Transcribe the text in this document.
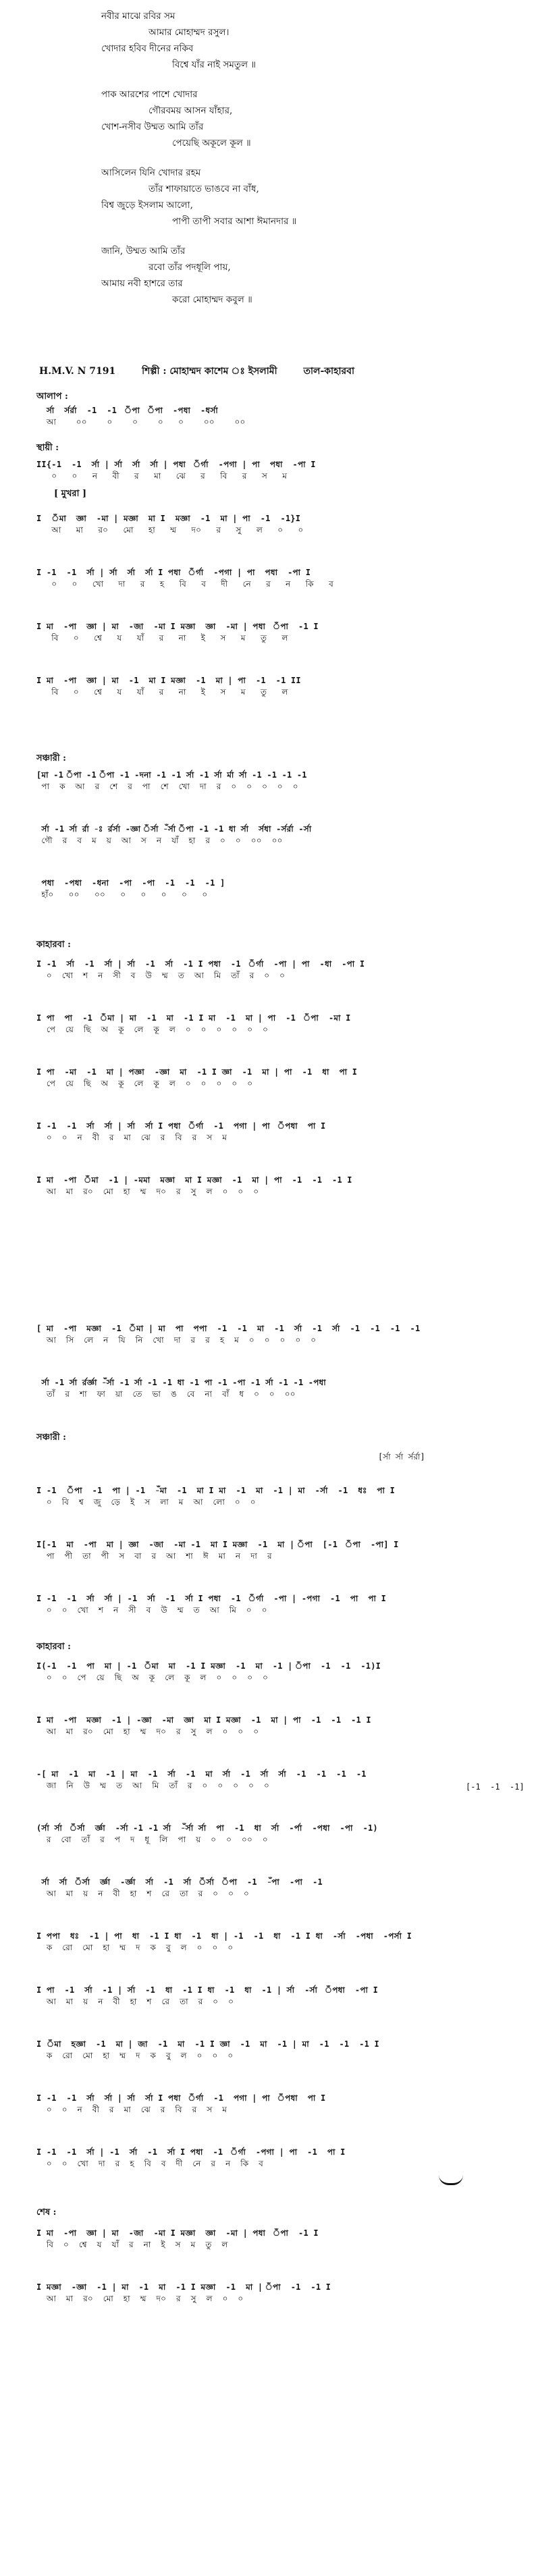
নবীর মাঝে রবির সম
আমার মোহাম্মদ রসুল।
খোদার হবিব দীনের নকিব
বিশ্বে যাঁর নাই সমতুল ॥
পাক আরশের পাশে খোদার
গৌরবময় আসন যাঁহার,
খোশ-নসীব উম্মত আমি তাঁর
পেয়েছি অকূলে কূল ॥
আসিলেন যিনি খোদার রহম
তাঁর শাফায়াতে ভাঙবে না বাঁধ,
বিশ্ব জুড়ে ইসলাম আলো,
পাপী তাপী সবার আশা ঈমানদার ॥
জানি, উম্মত আমি তাঁর
রবো তাঁর পদধূলি পায়,
আমায় নবী হাশরে তার
করো মোহাম্মদ কবুল ॥
H.M.V. N 7191	শিল্পী : মোহাম্মদ কাশেম ঃ ইসলামী	তাল-কাহারবা
আলাপ :
স্থায়ী :
[ মুখরা ]
সঞ্চারী :
কাহারবা :
সঞ্চারী :
কাহারবা :
শেষ :
[র্সা র্সা র্সর্রা]
[-1  -1  -1]
র্সা  র্সর্রা  -1  -1  ঁপা  ঁপা  -পধা  -ধর্সা
আ    ০০    ০    ০    ০   ০    ০০    ০০
II{-1  -1  র্সা | র্সা  র্সা  র্সা | পধা  ঁর্গা  -পগা | পা  পধা  -পা I
০   ০   ন   বী   র   মা   ঝে   র   বি   র   স   ম
I  ঁমা  জ্ঞা  -মা | মজ্ঞা  মা I  মজ্ঞা  -1  মা | পা  -1  -1}I
আ   মা   র০   মো   হা   ম্ম   দ০   র   সু   ল   ০   ০
I -1  -1  র্সা | র্সা  র্সা  র্সা I পধা  ঁর্গা  -পগা | পা  পধা  -পা I
০   ০   খো   দা   র   হ   বি   ব   দী   নে   র   ন   কি   ব
I মা  -পা  জ্ঞা | মা  -জা  -মা I মজ্ঞা  জ্ঞা  -মা | পধা  ঁপা  -1 I
বি   ০   শ্বে   য   যাঁ   র   না   ই   স   ম   তু   ল
I মা  -পা  জ্ঞা | মা  -1  মা I মজ্ঞা  -1  মা | পা  -1  -1 II
বি   ০   শ্বে   য   যাঁ   র   না   ই   স   ম   তু   ল
[মা -1 ঁপা -1 ঁপা -1 -দনা -1 -1 র্সা -1 র্সা র্মা র্সা -1 -1 -1 -1
পা  ক  আ  র  শে  র  পা  শে  খো  দা  র  ০  ০  ০  ০  ০
র্সা -1 র্সা র্রা -ঃ র্রর্সা -জ্ঞা ঁর্সা -ঁর্সা ঁপা -1 -1 ধা র্সা  র্সধা -র্সর্রা -র্সা
গৌ  র  ব  ম  য়  আ  স  ন  যাঁ  হা  র  ০  ০  ০০  ০০
পধা  -পধা  -ধনা  -পা  -পা  -1  -1  -1 ]
হাঁ০   ০০   ০০   ০   ০   ০   ০   ০
I -1  র্সা  -1  র্সা | র্সা  -1  র্সা  -1 I পধা  -1  ঁর্গা  -পা | পা  -ধা  -পা I
০  খো  শ  ন  সী  ব  উ  ম্ম  ত  আ  মি  তাঁ  র  ০  ০
I পা  পা  -1  ঁমা | মা  -1  মা  -1 I মা  -1  মা | পা  -1  ঁপা  -মা I
পে  য়ে  ছি  অ  কূ  লে  কূ  ল  ০  ০  ০  ০  ০  ০
I পা  -মা  -1  মা | পজ্ঞা  -জ্ঞা  মা  -1 I জ্ঞা  -1  মা | পা  -1  ধা  পা I
পে  য়ে  ছি  অ  কূ  লে  কূ  ল  ০  ০  ০  ০  ০
I -1  -1  র্সা  র্সা | র্সা  র্সা I পধা  ঁর্গা  -1  পগা | পা  ঁপধা  পা I
০  ০  ন  বী  র  মা  ঝে  র  বি  র  স  ম
I মা  -পা  ঁমা  -1 | -মমা  মজ্ঞা  মা I মজ্ঞা  -1  মা | পা  -1  -1  -1 I
আ  মা  র০  মো  হা  ম্ম  দ০  র  সু  ল  ০  ০  ০
[ মা  -পা  মজ্ঞা  -1  ঁমা | মা  পা  পপা  -1  -1  মা  -1  র্সা  -1  র্সা  -1  -1  -1  -1
আ  সি  লে  ন  যি  নি  খো  দা  র  র  হ  ম  ০  ০  ০  ০  ০
র্সা -1 র্সা র্রর্জ্ঞা -ঁর্সা -1 র্সা -1 -1 ধা -1 পা -1 -পা -1 র্সা -1 -1 -পধা
তাঁ  র  শা  ফা  য়া  তে  ভা  ঙ  বে  না  বাঁ  ধ  ০  ০  ০০
I -1  ঁপা  -1  পা | -1  -ঁমা  -1  মা I মা  -1  মা  -1 | মা  -র্সা  -1  ধঃ  পা I
০  বি  শ্ব  জু  ড়ে  ই  স  লা  ম  আ  লো  ০  ০
I[-1  মা  -পা  মা | জ্ঞা  -জা  -মা -1  মা I মজ্ঞা  -1  মা | ঁপা  [-1  ঁপা  -পা] I
পা  পী  তা  পী  স  বা  র  আ  শা  ঈ  মা  ন  দা  র
I -1  -1  র্সা  র্সা | -1  র্সা  -1  র্সা I পধা  -1  ঁর্গা  -পা | -পগা  -1  পা  পা I
০  ০  খো  শ  ন  সী  ব  উ  ম্ম  ত  আ  মি  ০  ০
I(-1  -1  পা  মা | -1  ঁমা  মা  -1 I মজ্ঞা  -1  মা  -1 | ঁপা  -1  -1  -1)I
০  ০  পে  য়ে  ছি  অ  কূ  লে  কূ  ল  ০  ০  ০  ০
I মা  -পা  মজ্ঞা  -1 | -জ্ঞা  -মা  জ্ঞা  মা I মজ্ঞা  -1  মা | পা  -1  -1  -1 I
আ  মা  র০  মো  হা  ম্ম  দ০  র  সু  ল  ০  ০  ০
-[ মা  -1  মা  -1 | মা  -1  র্সা  -1  মা  র্সা  -1  র্সা  র্সা  -1  -1  -1  -1
জা  নি  উ  ম্ম  ত  আ  মি  তাঁ  র  ০  ০  ০  ০  ০
(র্সা র্সা  ঁর্সা  র্জ্ঞা  -র্সা -1 -1 র্সা  -ঁর্সা র্সা  পা  -1  ধা  র্সা  -র্পা  -পধা  -পা  -1)
র  বো  তাঁ  র  প  দ  ধূ  লি  পা  য়  ০  ০  ০০  ০
র্সা  র্সা  ঁর্সা  র্জ্ঞা  -র্জ্ঞা  র্সা  -1  র্সা  ঁর্সা  ঁপা  -1  -ঁপা  -পা  -1
আ  মা  য়  ন  বী  হা  শ  রে  তা  র  ০  ০  ০
I পপা  ধঃ  -1 | পা  ধা  -1 I ধা  -1  ধা | -1  -1  ধা  -1 I ধা  -র্সা  -পধা  -পর্সা I
ক  রো  মো  হা  ম্ম  দ  ক  বু  ল  ০  ০  ০
I পা  -1  র্সা  -1 | র্সা  -1  ধা  -1 I ধা  -1  ধা  -1 | র্সা  -র্সা  ঁপধা  -পা I
আ  মা  য়  ন  বী  হা  শ  রে  তা  র  ০  ০
I ঁমা  হজ্ঞা  -1  মা | জা  -1  মা  -1 I জ্ঞা  -1  মা  -1 | মা  -1  -1  -1 I
ক  রো  মো  হা  ম্ম  দ  ক  বু  ল  ০  ০  ০
I -1  -1  র্সা  র্সা | র্সা  র্সা I পধা  ঁর্গা  -1  পগা | পা  ঁপধা  পা I
০  ০  ন  বী  র  মা  ঝে  র  বি  র  স  ম
I -1  -1  র্সা | -1  র্সা  -1  র্সা I পধা  -1  ঁর্গা  -পগা | পা  -1  পা I
০  ০  খো  দা  র  হ  বি  ব  দী  নে  র  ন  কি  ব
I মা  -পা  জ্ঞা | মা  -জা  -মা I মজ্ঞা  জ্ঞা  -মা | পধা  ঁপা  -1 I
বি  ০  শ্বে  য  যাঁ  র  না  ই  স  ম  তু  ল
I মজ্ঞা  -জ্ঞা  -1 | মা  -1  মা  -1 I মজ্ঞা  -1  মা | ঁপা  -1  -1 I
আ  মা  র০  মো  হা  ম্ম  দ০  র  সু  ল  ০  ০
